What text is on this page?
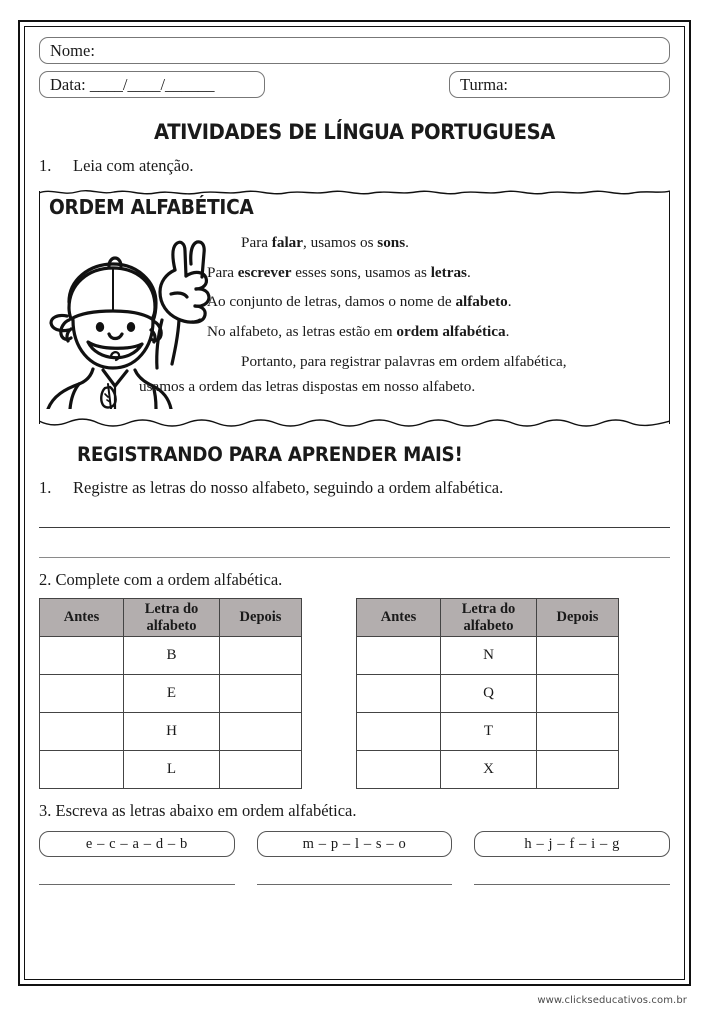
Nome:
Data: ____/____/______	Turma:
ATIVIDADES DE LÍNGUA PORTUGUESA
1.	Leia com atenção.
ORDEM ALFABÉTICA

Para falar, usamos os sons.

Para escrever esses sons, usamos as letras.

Ao conjunto de letras, damos o nome de alfabeto.

No alfabeto, as letras estão em ordem alfabética.

Portanto, para registrar palavras em ordem alfabética,

usamos a ordem das letras dispostas em nosso alfabeto.
REGISTRANDO PARA APRENDER MAIS!
1.	Registre as letras do nosso alfabeto, seguindo a ordem alfabética.
2. Complete com a ordem alfabética.
Antes	Letra do alfabeto	Depois
	B	
	E	
	H	
	L	
Antes	Letra do alfabeto	Depois
	N	
	Q	
	T	
	X	
3. Escreva as letras abaixo em ordem alfabética.
e – c – a – d – b	m – p – l – s – o	h – j – f – i – g
www.clickseducativos.com.br
